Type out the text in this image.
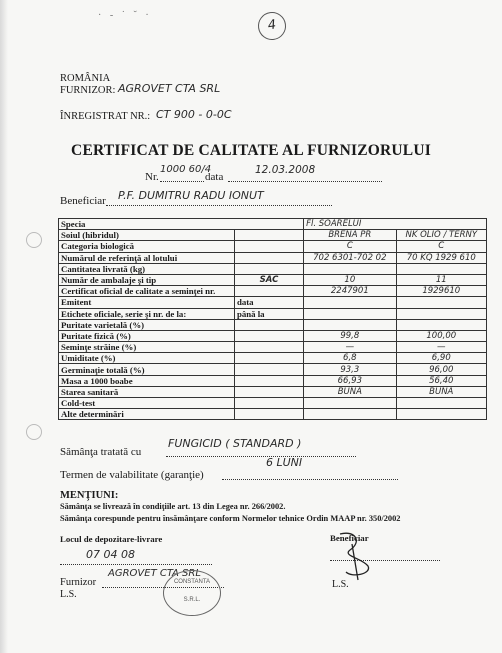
· ‐ ˙ ˘ ·
4
ROMÂNIA
FURNIZOR: AGROVET CTA SRL
ÎNREGISTRAT NR.: CT 900 - 0-0C
CERTIFICAT DE CALITATE AL FURNIZORULUI
Nr.
1000 60/4
data
12.03.2008
Beneficiar P.F. DUMITRU RADU IONUT
Specia		Fl. SOARELUI	
Soiul (hibridul)		BRENA PR	NK OLIO / TERNY
Categoria biologică		C	C
Numărul de referinţă al lotului		702 6301-702 02	70 KQ 1929 610
Cantitatea livrată (kg)			
Număr de ambalaje şi tip	SAC	10	11
Certificat oficial de calitate a seminţei nr.		2247901	1929610
Emitent	data		
Etichete oficiale, serie şi nr. de la:	până la		
Puritate varietală (%)			
Puritate fizică (%)		99,8	100,00
Seminţe străine (%)		—	—
Umiditate (%)		6,8	6,90
Germinaţie totală (%)		93,3	96,00
Masa a 1000 boabe		66,93	56,40
Starea sanitară		BUNĂ	BUNĂ
Cold-test			
Alte determinări			
Sămânţa tratată cu
FUNGICID ( STANDARD )
Termen de valabilitate (garanţie)
6 LUNI
MENŢIUNI:
Sămânţa se livrează în condiţiile art. 13 din Legea nr. 266/2002.
Sămânţa corespunde pentru însămânţare conform Normelor tehnice Ordin MAAP nr. 350/2002
Locul de depozitare-livrare
07 04 08
Furnizor
AGROVET CTA SRL
L.S.
CONSTANTA
S.R.L.
Beneficiar
L.S.
